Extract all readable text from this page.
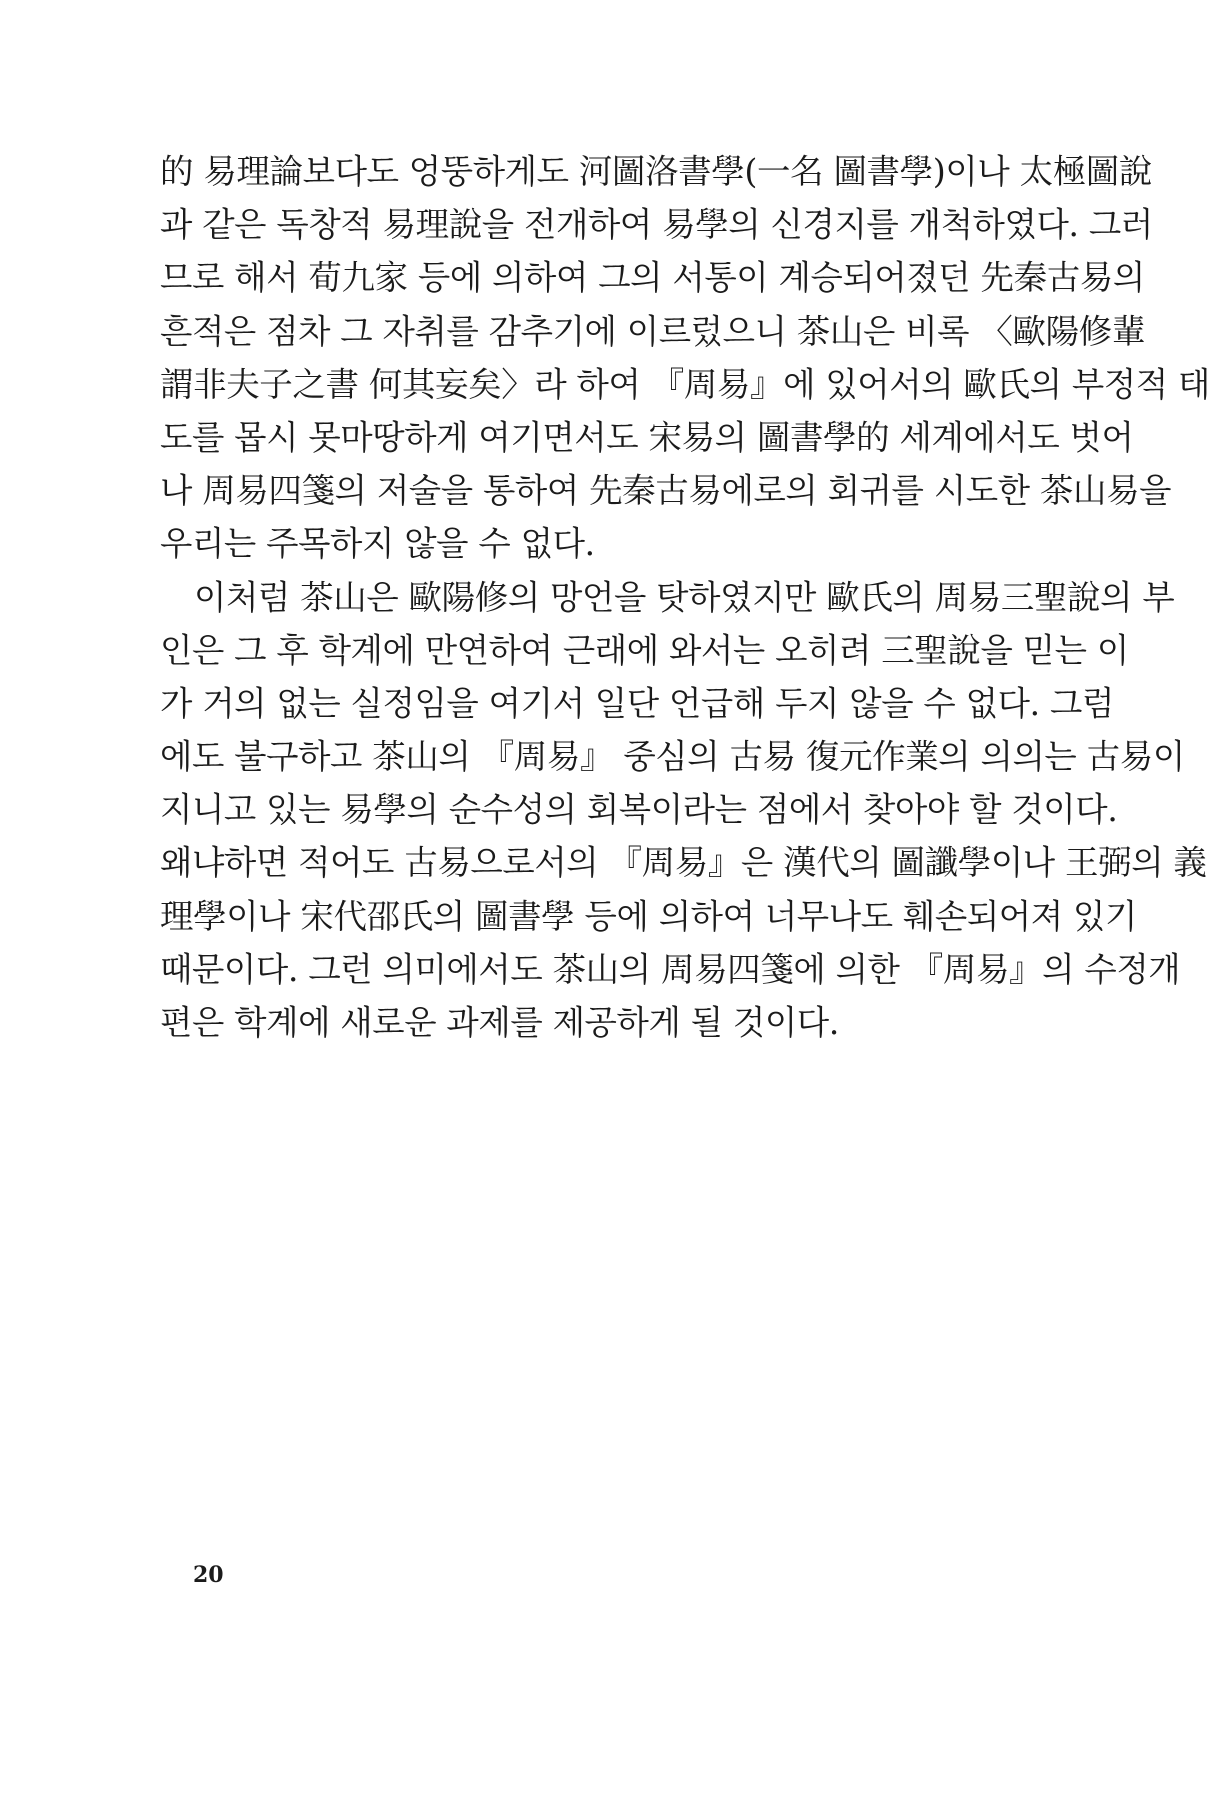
的 易理論보다도 엉뚱하게도 河圖洛書學(一名 圖書學)이나 太極圖說
과 같은 독창적 易理說을 전개하여 易學의 신경지를 개척하였다. 그러
므로 해서 荀九家 등에 의하여 그의 서통이 계승되어졌던 先秦古易의
흔적은 점차 그 자취를 감추기에 이르렀으니 茶山은 비록 〈歐陽修輩
謂非夫子之書 何其妄矣〉라 하여 『周易』에 있어서의 歐氏의 부정적 태
도를 몹시 못마땅하게 여기면서도 宋易의 圖書學的 세계에서도 벗어
나 周易四箋의 저술을 통하여 先秦古易에로의 회귀를 시도한 茶山易을
우리는 주목하지 않을 수 없다.
이처럼 茶山은 歐陽修의 망언을 탓하였지만 歐氏의 周易三聖說의 부
인은 그 후 학계에 만연하여 근래에 와서는 오히려 三聖說을 믿는 이
가 거의 없는 실정임을 여기서 일단 언급해 두지 않을 수 없다. 그럼
에도 불구하고 茶山의 『周易』 중심의 古易 復元作業의 의의는 古易이
지니고 있는 易學의 순수성의 회복이라는 점에서 찾아야 할 것이다.
왜냐하면 적어도 古易으로서의 『周易』은 漢代의 圖讖學이나 王弼의 義
理學이나 宋代邵氏의 圖書學 등에 의하여 너무나도 훼손되어져 있기
때문이다. 그런 의미에서도 茶山의 周易四箋에 의한 『周易』의 수정개
편은 학계에 새로운 과제를 제공하게 될 것이다.
20
